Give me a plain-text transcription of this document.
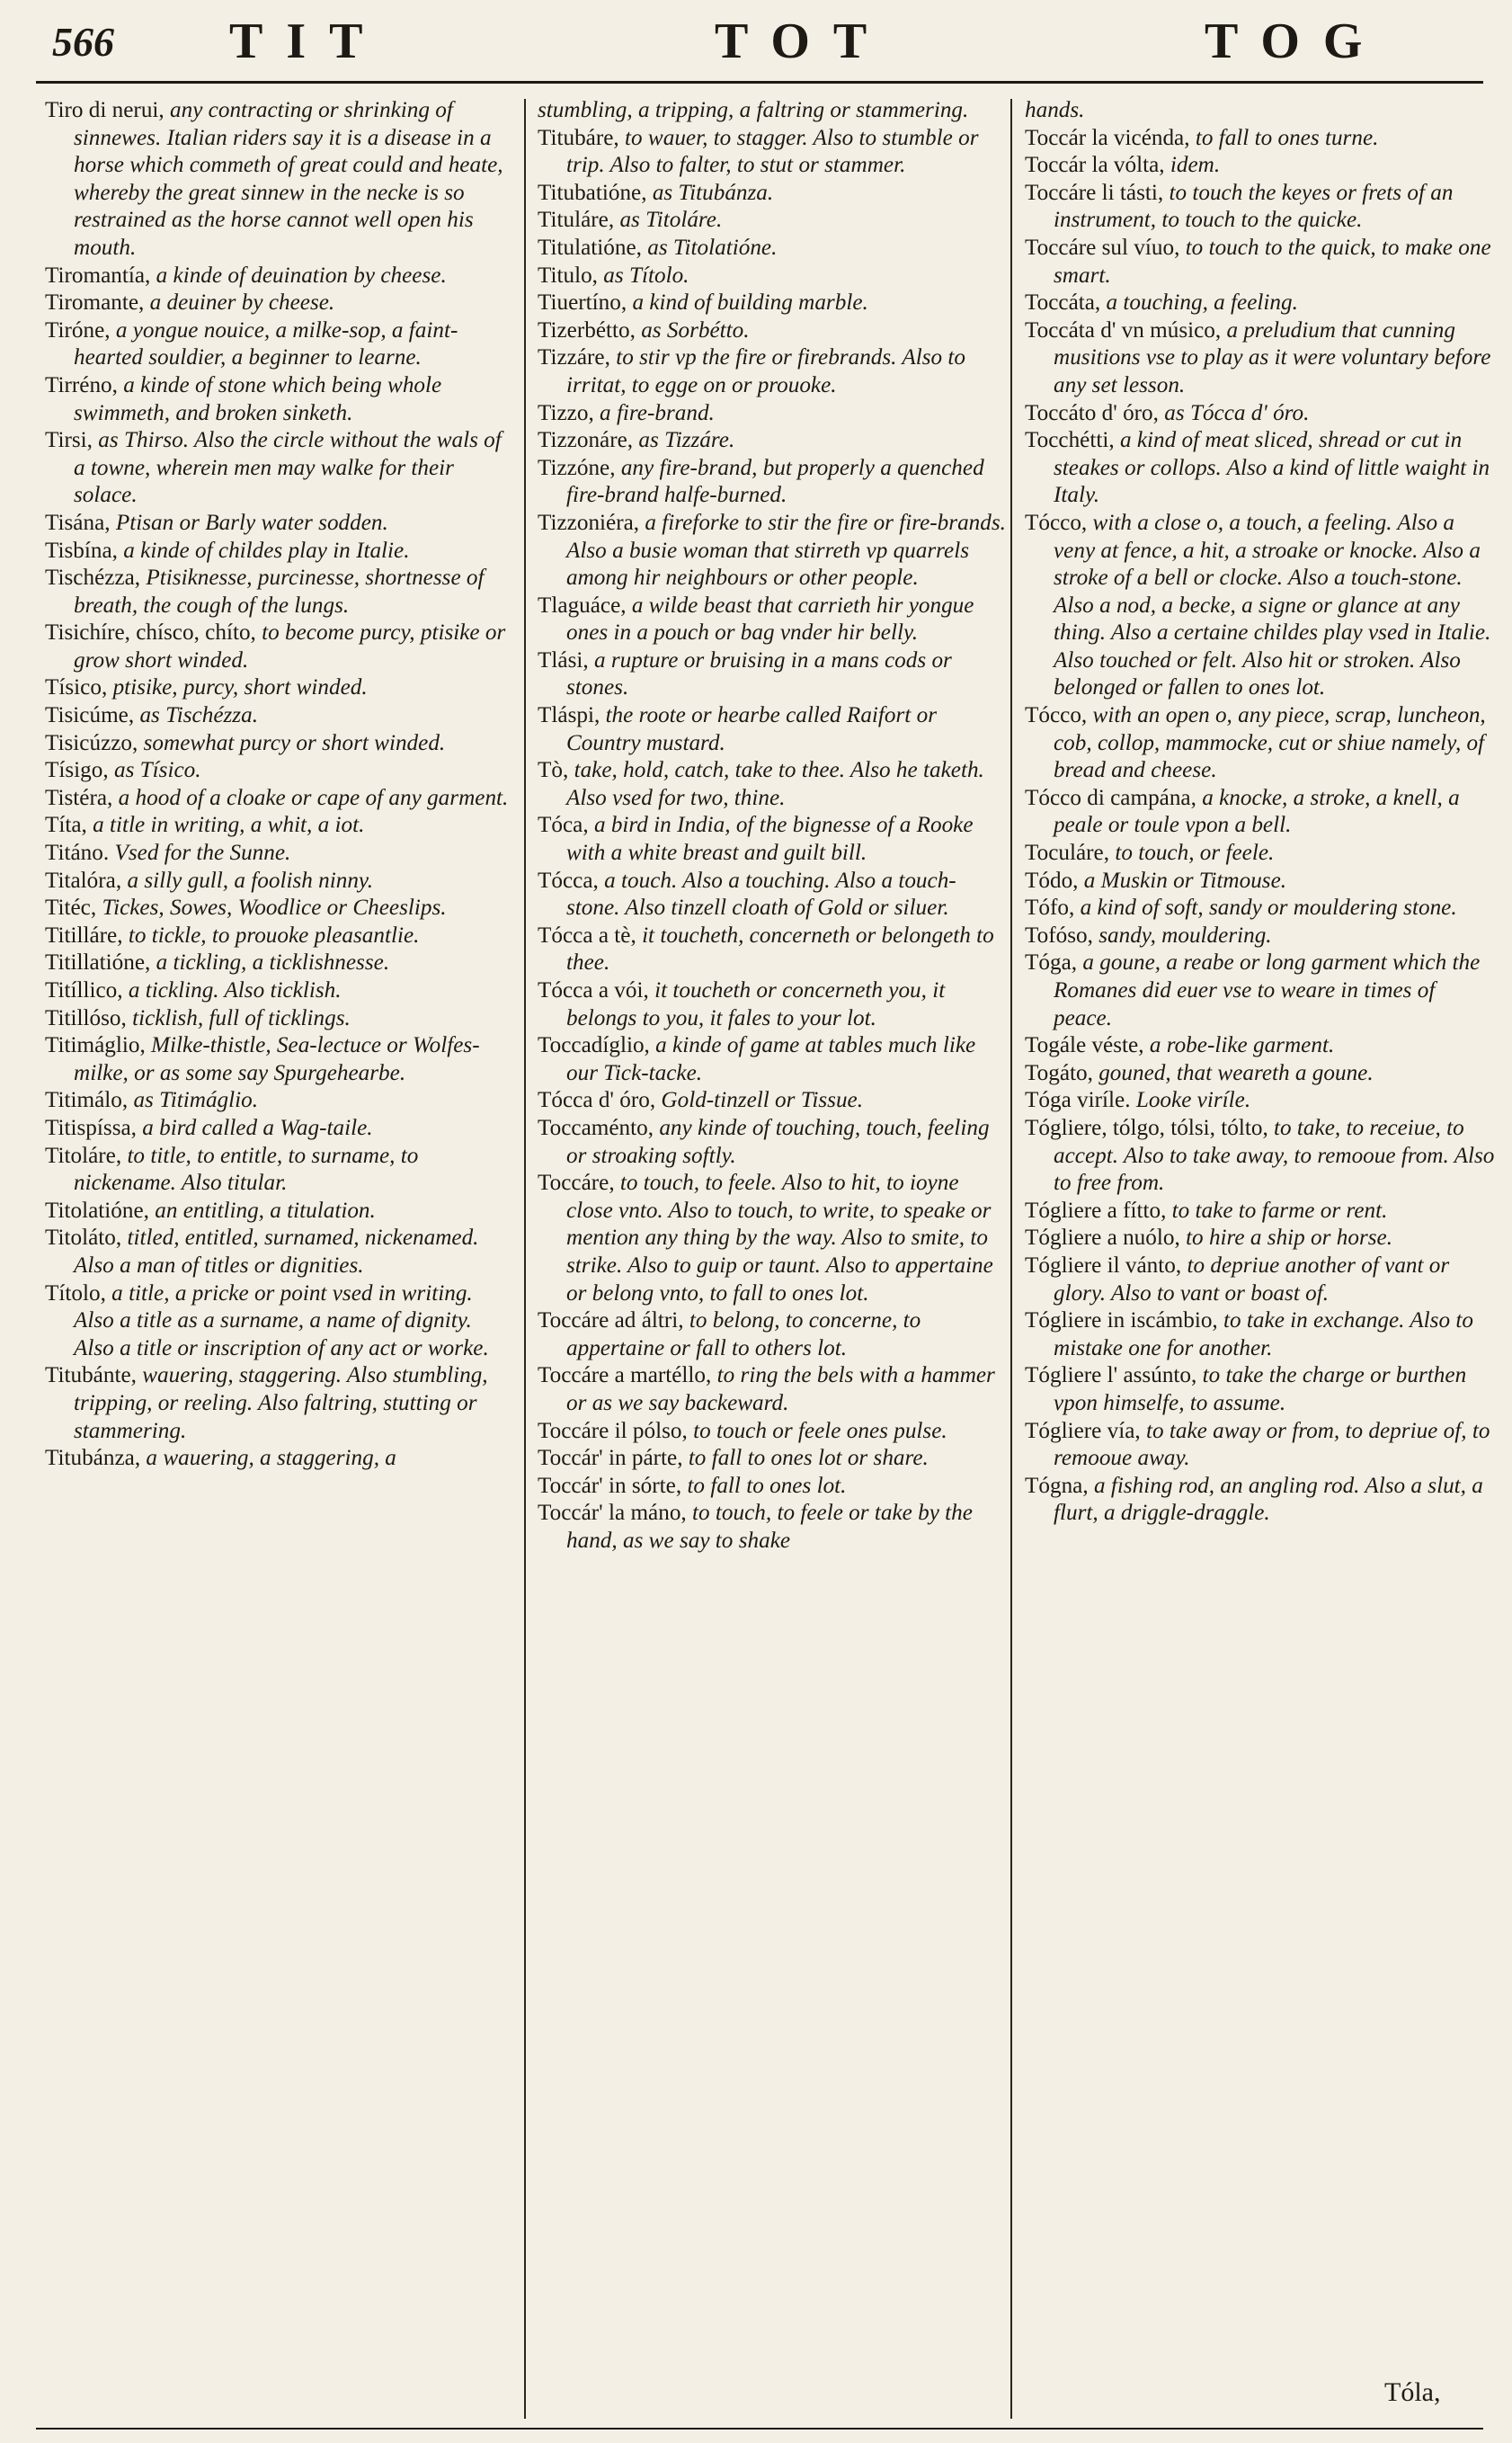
566 TIT	TOT	TOG
Tiro di nerui, any contracting or shrinking of sinnewes. Italian riders say it is a disease in a horse which commeth of great could and heate, whereby the great sinnew in the necke is so restrained as the horse cannot well open his mouth.
Tiromantía, a kinde of deuination by cheese.
Tiromante, a deuiner by cheese.
Tiróne, a yongue nouice, a milke-sop, a faint-hearted souldier, a beginner to learne.
Tirréno, a kinde of stone which being whole swimmeth, and broken sinketh.
Tirsi, as Thirso. Also the circle without the wals of a towne, wherein men may walke for their solace.
Tisána, Ptisan or Barly water sodden.
Tisbína, a kinde of childes play in Italie.
Tischézza, Ptisiknesse, purcinesse, shortnesse of breath, the cough of the lungs.
Tisichíre, chísco, chíto, to become purcy, ptisike or grow short winded.
Tísico, ptisike, purcy, short winded.
Tisicúme, as Tischézza.
Tisicúzzo, somewhat purcy or short winded.
Tísigo, as Tísico.
Tistéra, a hood of a cloake or cape of any garment.
Títa, a title in writing, a whit, a iot.
Titáno. Vsed for the Sunne.
Titalóra, a silly gull, a foolish ninny.
Titéc, Tickes, Sowes, Woodlice or Cheeslips.
Titilláre, to tickle, to prouoke pleasantlie.
Titillatióne, a tickling, a ticklishnesse.
Titíllico, a tickling. Also ticklish.
Titillóso, ticklish, full of ticklings.
Titimáglio, Milke-thistle, Sea-lectuce or Wolfes-milke, or as some say Spurgehearbe.
Titimálo, as Titimáglio.
Titispíssa, a bird called a Wag-taile.
Titoláre, to title, to entitle, to surname, to nickename. Also titular.
Titolatióne, an entitling, a titulation.
Titoláto, titled, entitled, surnamed, nickenamed. Also a man of titles or dignities.
Títolo, a title, a pricke or point vsed in writing. Also a title as a surname, a name of dignity. Also a title or inscription of any act or worke.
Titubánte, wauering, staggering. Also stumbling, tripping, or reeling. Also faltring, stutting or stammering.
Titubánza, a wauering, a staggering, a
stumbling, a tripping, a faltring or stammering.
Titubáre, to wauer, to stagger. Also to stumble or trip. Also to falter, to stut or stammer.
Titubatióne, as Titubánza.
Tituláre, as Titoláre.
Titulatióne, as Titolatióne.
Titulo, as Títolo.
Tiuertíno, a kind of building marble.
Tizerbétto, as Sorbétto.
Tizzáre, to stir vp the fire or firebrands. Also to irritat, to egge on or prouoke.
Tizzo, a fire-brand.
Tizzonáre, as Tizzáre.
Tizzóne, any fire-brand, but properly a quenched fire-brand halfe-burned.
Tizzoniéra, a fireforke to stir the fire or fire-brands. Also a busie woman that stirreth vp quarrels among hir neighbours or other people.
Tlaguáce, a wilde beast that carrieth hir yongue ones in a pouch or bag vnder hir belly.
Tlási, a rupture or bruising in a mans cods or stones.
Tláspi, the roote or hearbe called Raifort or Country mustard.
Tò, take, hold, catch, take to thee. Also he taketh. Also vsed for two, thine.
Tóca, a bird in India, of the bignesse of a Rooke with a white breast and guilt bill.
Tócca, a touch. Also a touching. Also a touch-stone. Also tinzell cloath of Gold or siluer.
Tócca a tè, it toucheth, concerneth or belongeth to thee.
Tócca a vói, it toucheth or concerneth you, it belongs to you, it fales to your lot.
Toccadíglio, a kinde of game at tables much like our Tick-tacke.
Tócca d' óro, Gold-tinzell or Tissue.
Toccaménto, any kinde of touching, touch, feeling or stroaking softly.
Toccáre, to touch, to feele. Also to hit, to ioyne close vnto. Also to touch, to write, to speake or mention any thing by the way. Also to smite, to strike. Also to guip or taunt. Also to appertaine or belong vnto, to fall to ones lot.
Toccáre ad áltri, to belong, to concerne, to appertaine or fall to others lot.
Toccáre a martéllo, to ring the bels with a hammer or as we say backeward.
Toccáre il pólso, to touch or feele ones pulse.
Toccár' in párte, to fall to ones lot or share.
Toccár' in sórte, to fall to ones lot.
Toccár' la máno, to touch, to feele or take by the hand, as we say to shake
hands.
Toccár la vicénda, to fall to ones turne.
Toccár la vólta, idem.
Toccáre li tásti, to touch the keyes or frets of an instrument, to touch to the quicke.
Toccáre sul víuo, to touch to the quick, to make one smart.
Toccáta, a touching, a feeling.
Toccáta d' vn músico, a preludium that cunning musitions vse to play as it were voluntary before any set lesson.
Toccáto d' óro, as Tócca d' óro.
Tocchétti, a kind of meat sliced, shread or cut in steakes or collops. Also a kind of little waight in Italy.
Tócco, with a close o, a touch, a feeling. Also a veny at fence, a hit, a stroake or knocke. Also a stroke of a bell or clocke. Also a touch-stone. Also a nod, a becke, a signe or glance at any thing. Also a certaine childes play vsed in Italie. Also touched or felt. Also hit or stroken. Also belonged or fallen to ones lot.
Tócco, with an open o, any piece, scrap, luncheon, cob, collop, mammocke, cut or shiue namely, of bread and cheese.
Tócco di campána, a knocke, a stroke, a knell, a peale or toule vpon a bell.
Toculáre, to touch, or feele.
Tódo, a Muskin or Titmouse.
Tófo, a kind of soft, sandy or mouldering stone.
Tofóso, sandy, mouldering.
Tóga, a goune, a reabe or long garment which the Romanes did euer vse to weare in times of peace.
Togále véste, a robe-like garment.
Togáto, gouned, that weareth a goune.
Tóga viríle. Looke viríle.
Tógliere, tólgo, tólsi, tólto, to take, to receiue, to accept. Also to take away, to remooue from. Also to free from.
Tógliere a fítto, to take to farme or rent.
Tógliere a nuólo, to hire a ship or horse.
Tógliere il vánto, to depriue another of vant or glory. Also to vant or boast of.
Tógliere in iscámbio, to take in exchange. Also to mistake one for another.
Tógliere l' assúnto, to take the charge or burthen vpon himselfe, to assume.
Tógliere vía, to take away or from, to depriue of, to remooue away.
Tógna, a fishing rod, an angling rod. Also a slut, a flurt, a driggle-draggle.
Tóla,
